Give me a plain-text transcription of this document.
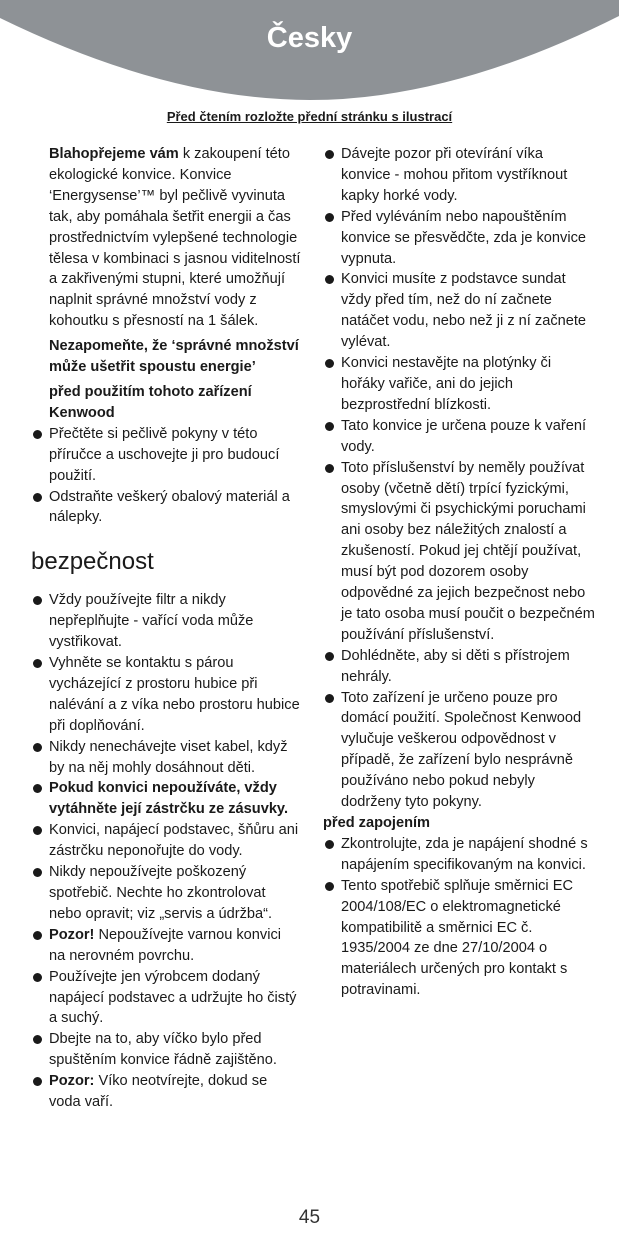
Česky
Před čtením rozložte přední stránku s ilustrací

Blahopřejeme vám k zakoupení této ekologické konvice. Konvice ‘Energysense’™ byl pečlivě vyvinuta tak, aby pomáhala šetřit energii a čas prostřednictvím vylepšené technologie tělesa v kombinaci s jasnou viditelností a zakřivenými stupni, které umožňují naplnit správné množství vody z kohoutku s přesností na 1 šálek.

Nezapomeňte, že ‘správné množství může ušetřit spoustu energie’

před použitím tohoto zařízení Kenwood

Přečtěte si pečlivě pokyny v této příručce a uschovejte ji pro budoucí použití.
Odstraňte veškerý obalový materiál a nálepky.
bezpečnost
Vždy používejte filtr a nikdy nepřeplňujte - vařící voda může vystřikovat.
Vyhněte se kontaktu s párou vycházející z prostoru hubice při nalévání a z víka nebo prostoru hubice při doplňování.
Nikdy nenechávejte viset kabel, když by na něj mohly dosáhnout děti.
Pokud konvici nepoužíváte, vždy vytáhněte její zástrčku ze zásuvky.
Konvici, napájecí podstavec, šňůru ani zástrčku neponořujte do vody.
Nikdy nepoužívejte poškozený spotřebič. Nechte ho zkontrolovat nebo opravit; viz „servis a údržba“.
Pozor! Nepoužívejte varnou konvici na nerovném povrchu.
Používejte jen výrobcem dodaný napájecí podstavec a udržujte ho čistý a suchý.
Dbejte na to, aby víčko bylo před spuštěním konvice řádně zajištěno.
Pozor: Víko neotvírejte, dokud se voda vaří.
Dávejte pozor při otevírání víka konvice - mohou přitom vystříknout kapky horké vody.
Před vyléváním nebo napouštěním konvice se přesvědčte, zda je konvice vypnuta.
Konvici musíte z podstavce sundat vždy před tím, než do ní začnete natáčet vodu, nebo než ji z ní začnete vylévat.
Konvici nestavějte na plotýnky či hořáky vařiče, ani do jejich bezprostřední blízkosti.
Tato konvice je určena pouze k vaření vody.
Toto příslušenství by neměly používat osoby (včetně dětí) trpící fyzickými, smyslovými či psychickými poruchami ani osoby bez náležitých znalostí a zkušeností. Pokud jej chtějí používat, musí být pod dozorem osoby odpovědné za jejich bezpečnost nebo je tato osoba musí poučit o bezpečném používání příslušenství.
Dohlédněte, aby si děti s přístrojem nehrály.
Toto zařízení je určeno pouze pro domácí použití. Společnost Kenwood vylučuje veškerou odpovědnost v případě, že zařízení bylo nesprávně používáno nebo pokud nebyly dodrženy tyto pokyny.

před zapojením

Zkontrolujte, zda je napájení shodné s napájením specifikovaným na konvici.
Tento spotřebič splňuje směrnici EC 2004/108/EC o elektromagnetické kompatibilitě a směrnici EC č. 1935/2004 ze dne 27/10/2004 o materiálech určených pro kontakt s potravinami.
45
